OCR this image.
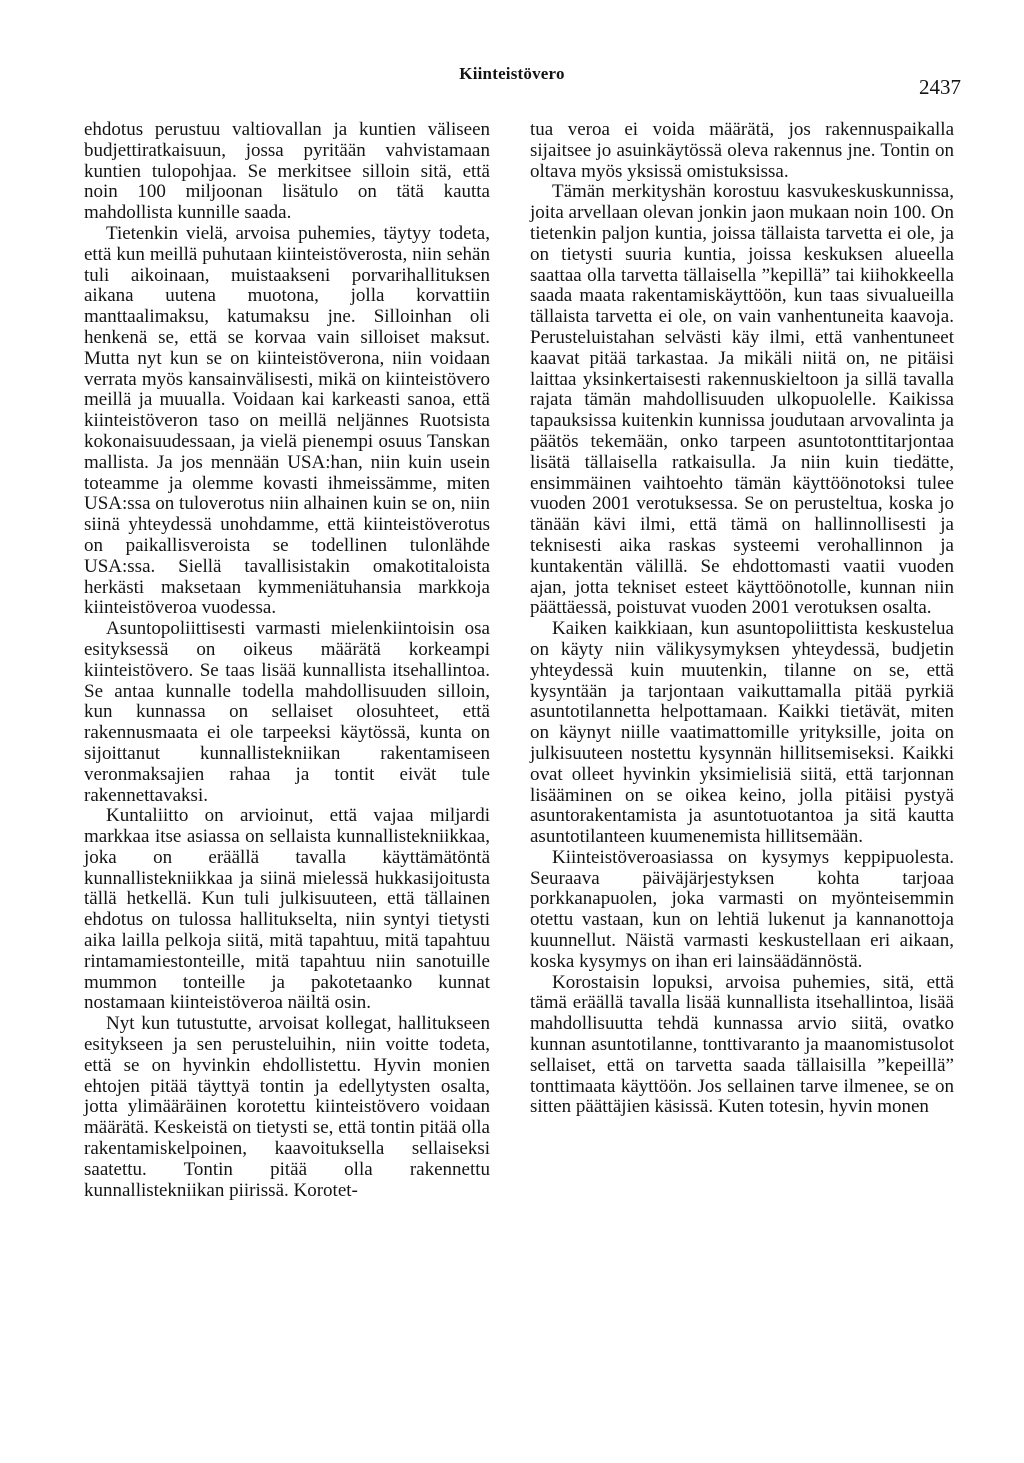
Kiinteistövero
2437

ehdotus perustuu valtiovallan ja kuntien väliseen budjettiratkaisuun, jossa pyritään vahvistamaan kuntien tulopohjaa. Se merkitsee silloin sitä, että noin 100 miljoonan lisätulo on tätä kautta mahdollista kunnille saada.

Tietenkin vielä, arvoisa puhemies, täytyy todeta, että kun meillä puhutaan kiinteistöverosta, niin sehän tuli aikoinaan, muistaakseni porvarihallituksen aikana uutena muotona, jolla korvattiin manttaalimaksu, katumaksu jne. Silloinhan oli henkenä se, että se korvaa vain silloiset maksut. Mutta nyt kun se on kiinteistöverona, niin voidaan verrata myös kansainvälisesti, mikä on kiinteistövero meillä ja muualla. Voidaan kai karkeasti sanoa, että kiinteistöveron taso on meillä neljännes Ruotsista kokonaisuudessaan, ja vielä pienempi osuus Tanskan mallista. Ja jos mennään USA:han, niin kuin usein toteamme ja olemme kovasti ihmeissämme, miten USA:ssa on tuloverotus niin alhainen kuin se on, niin siinä yhteydessä unohdamme, että kiinteistöverotus on paikallisveroista se todellinen tulonlähde USA:ssa. Siellä tavallisistakin omakotitaloista herkästi maksetaan kymmeniätuhansia markkoja kiinteistöveroa vuodessa.

Asuntopoliittisesti varmasti mielenkiintoisin osa esityksessä on oikeus määrätä korkeampi kiinteistövero. Se taas lisää kunnallista itsehallintoa. Se antaa kunnalle todella mahdollisuuden silloin, kun kunnassa on sellaiset olosuhteet, että rakennusmaata ei ole tarpeeksi käytössä, kunta on sijoittanut kunnallistekniikan rakentamiseen veronmaksajien rahaa ja tontit eivät tule rakennettavaksi.

Kuntaliitto on arvioinut, että vajaa miljardi markkaa itse asiassa on sellaista kunnallistekniikkaa, joka on eräällä tavalla käyttämätöntä kunnallistekniikkaa ja siinä mielessä hukkasijoitusta tällä hetkellä. Kun tuli julkisuuteen, että tällainen ehdotus on tulossa hallitukselta, niin syntyi tietysti aika lailla pelkoja siitä, mitä tapahtuu, mitä tapahtuu rintamamiestonteille, mitä tapahtuu niin sanotuille mummon tonteille ja pakotetaanko kunnat nostamaan kiinteistöveroa näiltä osin.

Nyt kun tutustutte, arvoisat kollegat, hallitukseen esitykseen ja sen perusteluihin, niin voitte todeta, että se on hyvinkin ehdollistettu. Hyvin monien ehtojen pitää täyttyä tontin ja edellytysten osalta, jotta ylimääräinen korotettu kiinteistövero voidaan määrätä. Keskeistä on tietysti se, että tontin pitää olla rakentamiskelpoinen, kaavoituksella sellaiseksi saatettu. Tontin pitää olla rakennettu kunnallistekniikan piirissä. Korotet-

tua veroa ei voida määrätä, jos rakennuspaikalla sijaitsee jo asuinkäytössä oleva rakennus jne. Tontin on oltava myös yksissä omistuksissa.

Tämän merkityshän korostuu kasvukeskuskunnissa, joita arvellaan olevan jonkin jaon mukaan noin 100. On tietenkin paljon kuntia, joissa tällaista tarvetta ei ole, ja on tietysti suuria kuntia, joissa keskuksen alueella saattaa olla tarvetta tällaisella ”kepillä” tai kiihokkeella saada maata rakentamiskäyttöön, kun taas sivualueilla tällaista tarvetta ei ole, on vain vanhentuneita kaavoja. Perusteluistahan selvästi käy ilmi, että vanhentuneet kaavat pitää tarkastaa. Ja mikäli niitä on, ne pitäisi laittaa yksinkertaisesti rakennuskieltoon ja sillä tavalla rajata tämän mahdollisuuden ulkopuolelle. Kaikissa tapauksissa kuitenkin kunnissa joudutaan arvovalinta ja päätös tekemään, onko tarpeen asuntotonttitarjontaa lisätä tällaisella ratkaisulla. Ja niin kuin tiedätte, ensimmäinen vaihtoehto tämän käyttöönotoksi tulee vuoden 2001 verotuksessa. Se on perusteltua, koska jo tänään kävi ilmi, että tämä on hallinnollisesti ja teknisesti aika raskas systeemi verohallinnon ja kuntakentän välillä. Se ehdottomasti vaatii vuoden ajan, jotta tekniset esteet käyttöönotolle, kunnan niin päättäessä, poistuvat vuoden 2001 verotuksen osalta.

Kaiken kaikkiaan, kun asuntopoliittista keskustelua on käyty niin välikysymyksen yhteydessä, budjetin yhteydessä kuin muutenkin, tilanne on se, että kysyntään ja tarjontaan vaikuttamalla pitää pyrkiä asuntotilannetta helpottamaan. Kaikki tietävät, miten on käynyt niille vaatimattomille yrityksille, joita on julkisuuteen nostettu kysynnän hillitsemiseksi. Kaikki ovat olleet hyvinkin yksimielisiä siitä, että tarjonnan lisääminen on se oikea keino, jolla pitäisi pystyä asuntorakentamista ja asuntotuotantoa ja sitä kautta asuntotilanteen kuumenemista hillitsemään.

Kiinteistöveroasiassa on kysymys keppipuolesta. Seuraava päiväjärjestyksen kohta tarjoaa porkkanapuolen, joka varmasti on myönteisemmin otettu vastaan, kun on lehtiä lukenut ja kannanottoja kuunnellut. Näistä varmasti keskustellaan eri aikaan, koska kysymys on ihan eri lainsäädännöstä.

Korostaisin lopuksi, arvoisa puhemies, sitä, että tämä eräällä tavalla lisää kunnallista itsehallintoa, lisää mahdollisuutta tehdä kunnassa arvio siitä, ovatko kunnan asuntotilanne, tonttivaranto ja maanomistusolot sellaiset, että on tarvetta saada tällaisilla ”kepeillä” tonttimaata käyttöön. Jos sellainen tarve ilmenee, se on sitten päättäjien käsissä. Kuten totesin, hyvin monen
